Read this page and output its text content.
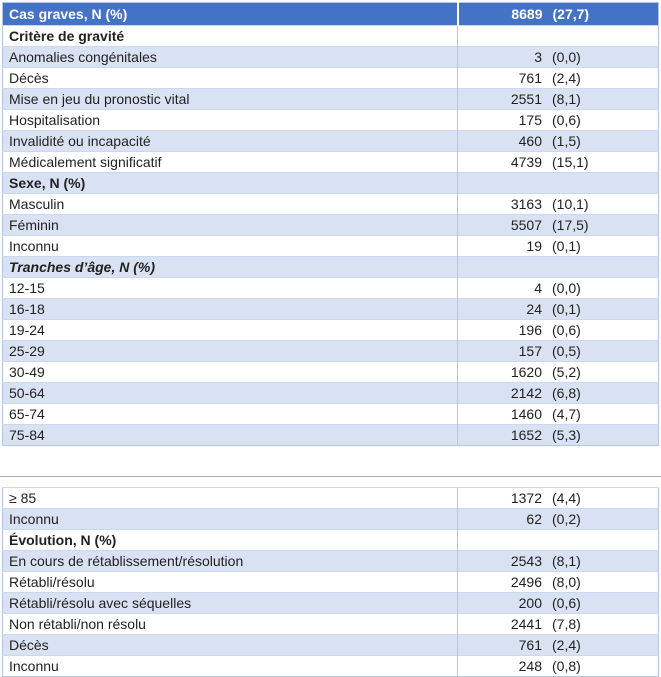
Cas graves, N (%)	8689 (27,7)
Critère de gravité	
Anomalies congénitales	3 (0,0)
Décès	761 (2,4)
Mise en jeu du pronostic vital	2551 (8,1)
Hospitalisation	175 (0,6)
Invalidité ou incapacité	460 (1,5)
Médicalement significatif	4739 (15,1)
Sexe, N (%)	
Masculin	3163 (10,1)
Féminin	5507 (17,5)
Inconnu	19 (0,1)
Tranches d’âge, N (%)	
12-15	4 (0,0)
16-18	24 (0,1)
19-24	196 (0,6)
25-29	157 (0,5)
30-49	1620 (5,2)
50-64	2142 (6,8)
65-74	1460 (4,7)
75-84	1652 (5,3)
≥ 85	1372 (4,4)
Inconnu	62 (0,2)
Évolution, N (%)	
En cours de rétablissement/résolution	2543 (8,1)
Rétabli/résolu	2496 (8,0)
Rétabli/résolu avec séquelles	200 (0,6)
Non rétabli/non résolu	2441 (7,8)
Décès	761 (2,4)
Inconnu	248 (0,8)
